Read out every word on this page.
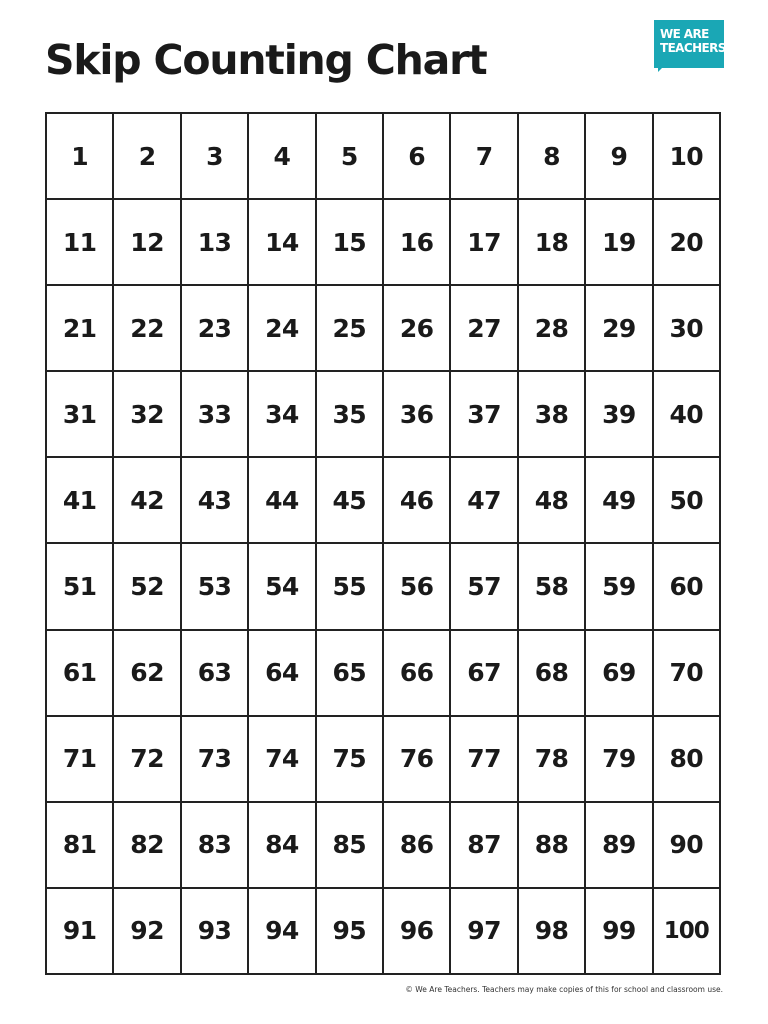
Skip Counting Chart
WE ARE
TEACHERS
1	2	3	4	5	6	7	8	9	10
11	12	13	14	15	16	17	18	19	20
21	22	23	24	25	26	27	28	29	30
31	32	33	34	35	36	37	38	39	40
41	42	43	44	45	46	47	48	49	50
51	52	53	54	55	56	57	58	59	60
61	62	63	64	65	66	67	68	69	70
71	72	73	74	75	76	77	78	79	80
81	82	83	84	85	86	87	88	89	90
91	92	93	94	95	96	97	98	99	100
© We Are Teachers. Teachers may make copies of this for school and classroom use.
